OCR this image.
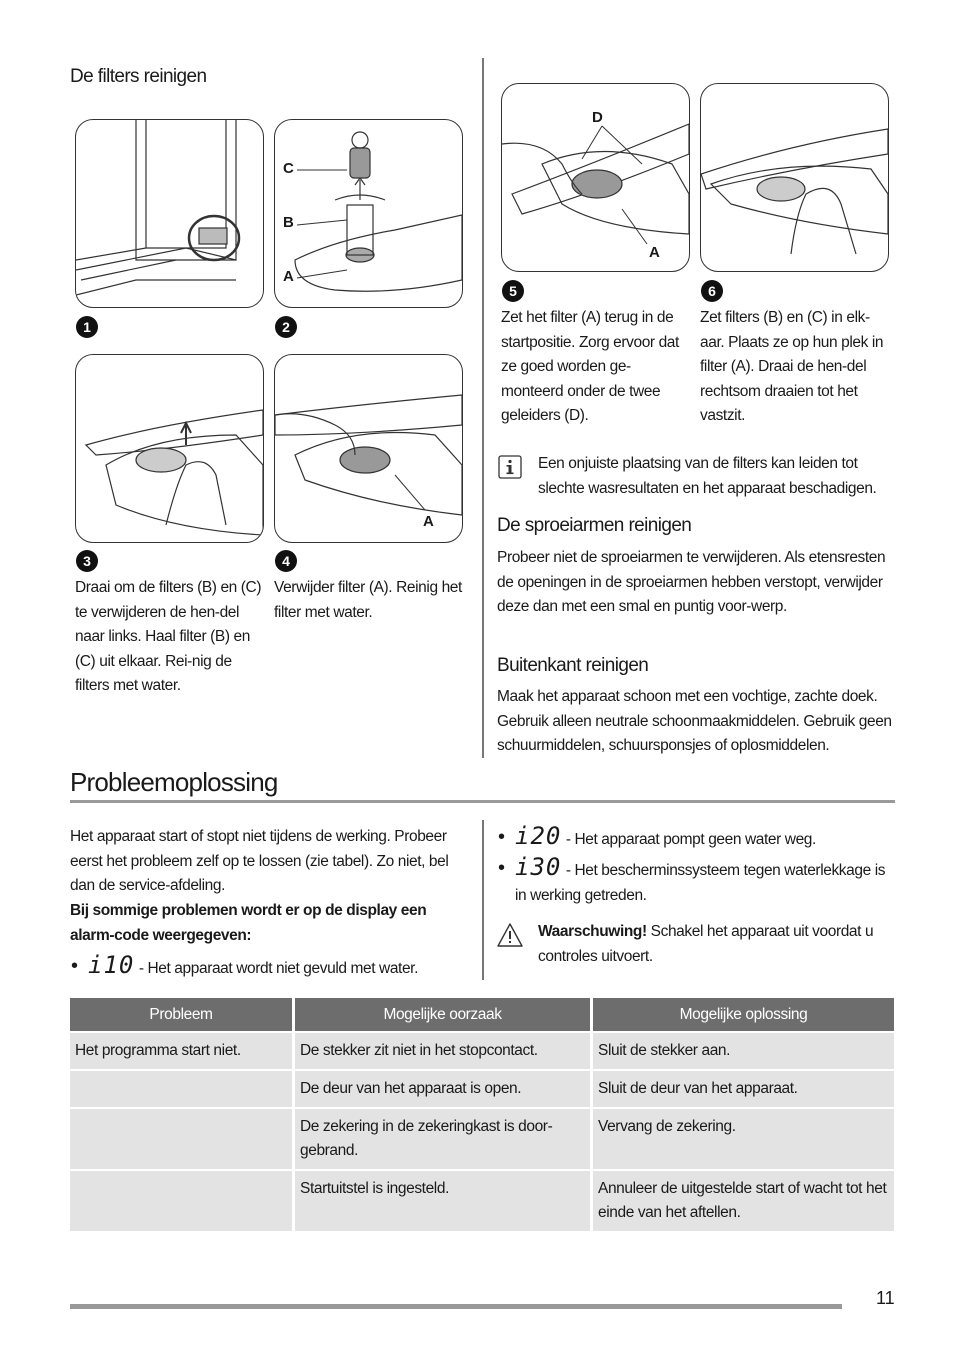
De filters reinigen
1
C
B
A
2
3
Draai om de filters (B) en (C) te verwijderen de hen-del naar links. Haal filter (B) en (C) uit elkaar. Rei-nig de filters met water.
A
4
Verwijder filter (A). Reinig het filter met water.
D
A
5
Zet het filter (A) terug in de startpositie. Zorg ervoor dat ze goed worden ge-monteerd onder de twee geleiders (D).
6
Zet filters (B) en (C) in elk-aar. Plaats ze op hun plek in filter (A). Draai de hen-del rechtsom draaien tot het vastzit.
Een onjuiste plaatsing van de filters kan leiden tot slechte wasresultaten en het apparaat beschadigen.
De sproeiarmen reinigen
Probeer niet de sproeiarmen te verwijderen. Als etensresten de openingen in de sproeiarmen hebben verstopt, verwijder deze dan met een smal en puntig voor-werp.
Buitenkant reinigen
Maak het apparaat schoon met een vochtige, zachte doek. Gebruik alleen neutrale schoonmaakmiddelen. Gebruik geen schuurmiddelen, schuursponsjes of oplosmiddelen.
Probleemoplossing
Het apparaat start of stopt niet tijdens de werking. Probeer eerst het probleem zelf op te lossen (zie tabel). Zo niet, bel dan de service-afdeling.
Bij sommige problemen wordt er op de display een alarm-code weergegeven:
• i10 - Het apparaat wordt niet gevuld met water.
• i20 - Het apparaat pompt geen water weg.
• i30 - Het bescherminssysteem tegen waterlekkage is in werking getreden.
Waarschuwing! Schakel het apparaat uit voordat u controles uitvoert.
Probleem	Mogelijke oorzaak	Mogelijke oplossing
Het programma start niet.	De stekker zit niet in het stopcontact.	Sluit de stekker aan.
	De deur van het apparaat is open.	Sluit de deur van het apparaat.
	De zekering in de zekeringkast is door-gebrand.	Vervang de zekering.
	Startuitstel is ingesteld.	Annuleer de uitgestelde start of wacht tot het einde van het aftellen.
11
